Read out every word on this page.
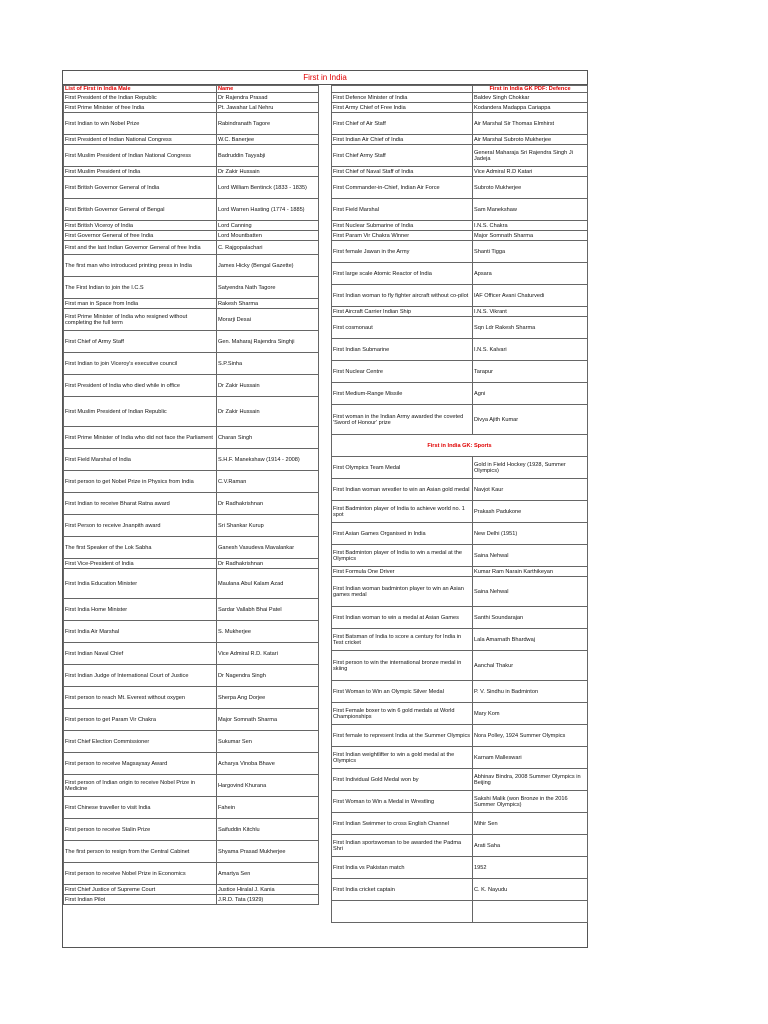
First in India
List of First in India Male	Name
First President of the Indian Republic	Dr Rajendra Prasad
First Prime Minister of free India	Pt. Jawahar Lal Nehru
First Indian to win Nobel Prize	Rabindranath Tagore
First President of Indian National Congress	W.C. Banerjee
First Muslim President of Indian National Congress	Badruddin Tayyabji
First Muslim President of India	Dr Zakir Hussain
First British Governor General of India	Lord William Bentinck (1833 - 1835)
First British Governor General of Bengal	Lord Warren Hasting (1774 - 1885)
First British Viceroy of India	Lord Canning
First Governor General of free India	Lord Mountbatten
First and the last Indian Governor General of free India	C. Rajgopalachari
The first man who introduced printing press in India	James Hicky (Bengal Gazette)
The First Indian to join the I.C.S	Satyendra Nath Tagore
First man in Space from India	Rakesh Sharma
First Prime Minister of India who resigned without completing the full term	Morarji Desai
First Chief of Army Staff	Gen. Maharaj Rajendra Singhji
First Indian to join Viceroy's executive council	S.P.Sinha
First President of India who died while in office	Dr Zakir Hussain
First Muslim President of Indian Republic	Dr Zakir Hussain
First Prime Minister of India who did not face the Parliament	Charan Singh
First Field Marshal of India	S.H.F. Manekshaw (1914 - 2008)
First person to get Nobel Prize in Physics from India	C.V.Raman
First Indian to receive Bharat Ratna award	Dr Radhakrishnan
First Person to receive Jnanpith award	Sri Shankar Kurup
The first Speaker of the Lok Sabha	Ganesh Vasudeva Mavalankar
First Vice-President of India	Dr Radhakrishnan
First India Education Minister	Maulana Abul Kalam Azad
First India Home Minister	Sardar Vallabh Bhai Patel
First India Air Marshal	S. Mukherjee
First Indian Naval Chief	Vice Admiral R.D. Katari
First Indian Judge of International Court of Justice	Dr Nagendra Singh
First person to reach Mt. Everest without oxygen	Sherpa Ang Dorjee
First person to get Param Vir Chakra	Major Somnath Sharma
First Chief Election Commissioner	Sukumar Sen
First person to receive Magsaysay Award	Acharya Vinoba Bhave
First person of Indian origin to receive Nobel Prize in Medicine	Hargovind Khurana
First Chinese traveller to visit India	Fahein
First person to receive Stalin Prize	Saifuddin Kitchlu
The first person to resign from the Central Cabinet	Shyama Prasad Mukherjee
First person to receive Nobel Prize in Economics	Amartya Sen
First Chief Justice of Supreme Court	Justice Hiralal J. Kania
First Indian Pilot	J.R.D. Tata (1929)
	First in India GK PDF: Defence
First Defence Minister of India	Baldev Singh Chokkar
First Army Chief of Free India	Kodandera Madappa Cariappa
First Chief of Air Staff	Air Marshal Sir Thomas Elmhirst
First Indian Air Chief of India	Air Marshal Subroto Mukherjee
First Chief Army Staff	General Maharaja Sri Rajendra Singh Ji Jadeja
First Chief of Naval Staff of India	Vice Admiral R.D Katari
First Commander-in-Chief, Indian Air Force	Subroto Mukherjee
First Field Marshal	Sam Manekshaw
First Nuclear Submarine of India	I.N.S. Chakra
First Param Vir Chakra Winner	Major Somnath Sharma
First female Jawan in the Army	Shanti Tigga
First large scale Atomic Reactor of India	Apsara
First Indian woman to fly fighter aircraft without co-pilot	IAF Officer Avani Chaturvedi
First Aircraft Carrier Indian Ship	I.N.S. Vikrant
First cosmonaut	Sqn Ldr Rakesh Sharma
First Indian Submarine	I.N.S. Kalvari
First Nuclear Centre	Tarapur
First Medium-Range Missile	Agni
First woman in the Indian Army awarded the coveted 'Sword of Honour' prize	Divya Ajith Kumar
First in India GK: Sports	
First Olympics Team Medal	Gold in Field Hockey (1928, Summer Olympics)
First Indian woman wrestler to win an Asian gold medal	Navjot Kaur
First Badminton player of India to achieve world no. 1 spot	Prakash Padukone
First Asian Games Organised in India	New Delhi (1951)
First Badminton player of India to win a medal at the Olympics	Saina Nehwal
First Formula One Driver	Kumar Ram Narain Karthikeyan
First Indian woman badminton player to win an Asian games medal	Saina Nehwal
First Indian woman to win a medal at Asian Games	Santhi Soundarajan
First Batsman of India to score a century for India in Test cricket	Lala Amarnath Bhardwaj
First person to win the international bronze medal in skiing	Aanchal Thakur
First Woman to Win an Olympic Silver Medal	P. V. Sindhu in Badminton
First Female boxer to win 6 gold medals at World Championships	Mary Kom
First female to represent India at the Summer Olympics	Nora Polley, 1924 Summer Olympics
First Indian weightlifter to win a gold medal at the Olympics	Karnam Malleswari
First Individual Gold Medal won by	Abhinav Bindra, 2008 Summer Olympics in Beijing
First Woman to Win a Medal in Wrestling	Sakshi Malik (won Bronze in the 2016 Summer Olympics)
First Indian Swimmer to cross English Channel	Mihir Sen
First Indian sportswoman to be awarded the Padma Shri	Arati Saha
First India vs Pakistan match	1952
First India cricket captain	C. K. Nayudu
